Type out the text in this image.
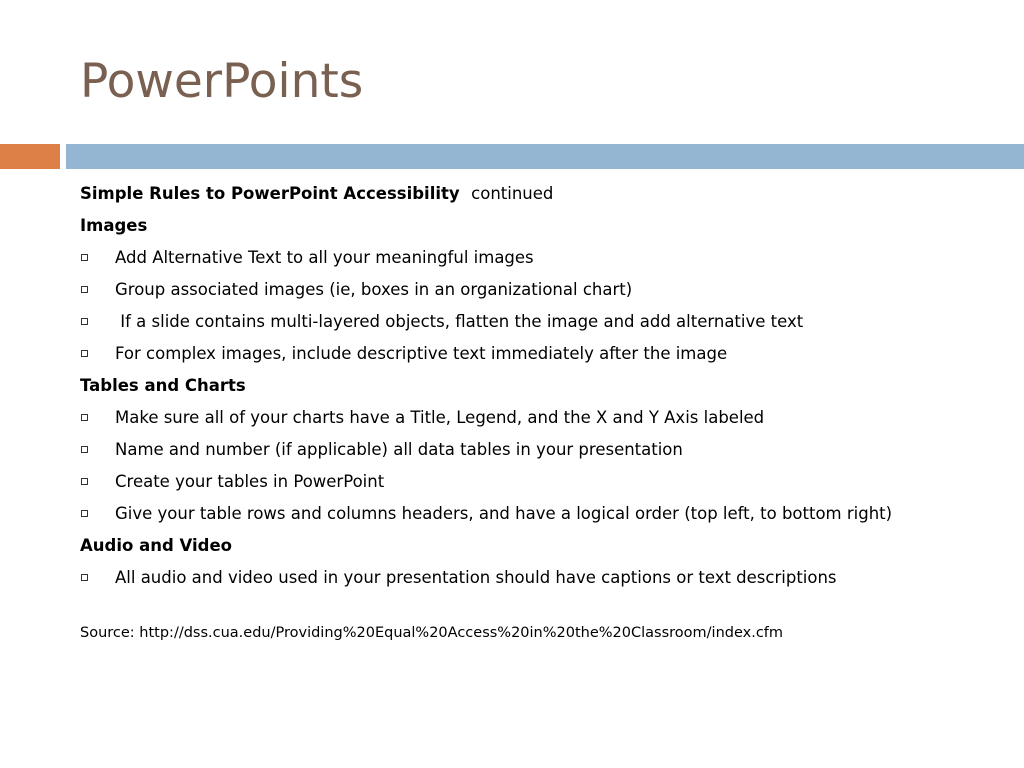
PowerPoints
Simple Rules to PowerPoint Accessibility continued
Images
Add Alternative Text to all your meaningful images
Group associated images (ie, boxes in an organizational chart)
If a slide contains multi-layered objects, flatten the image and add alternative text
For complex images, include descriptive text immediately after the image
Tables and Charts
Make sure all of your charts have a Title, Legend, and the X and Y Axis labeled
Name and number (if applicable) all data tables in your presentation
Create your tables in PowerPoint
Give your table rows and columns headers, and have a logical order (top left, to bottom right)
Audio and Video
All audio and video used in your presentation should have captions or text descriptions
Source: http://dss.cua.edu/Providing%20Equal%20Access%20in%20the%20Classroom/index.cfm
